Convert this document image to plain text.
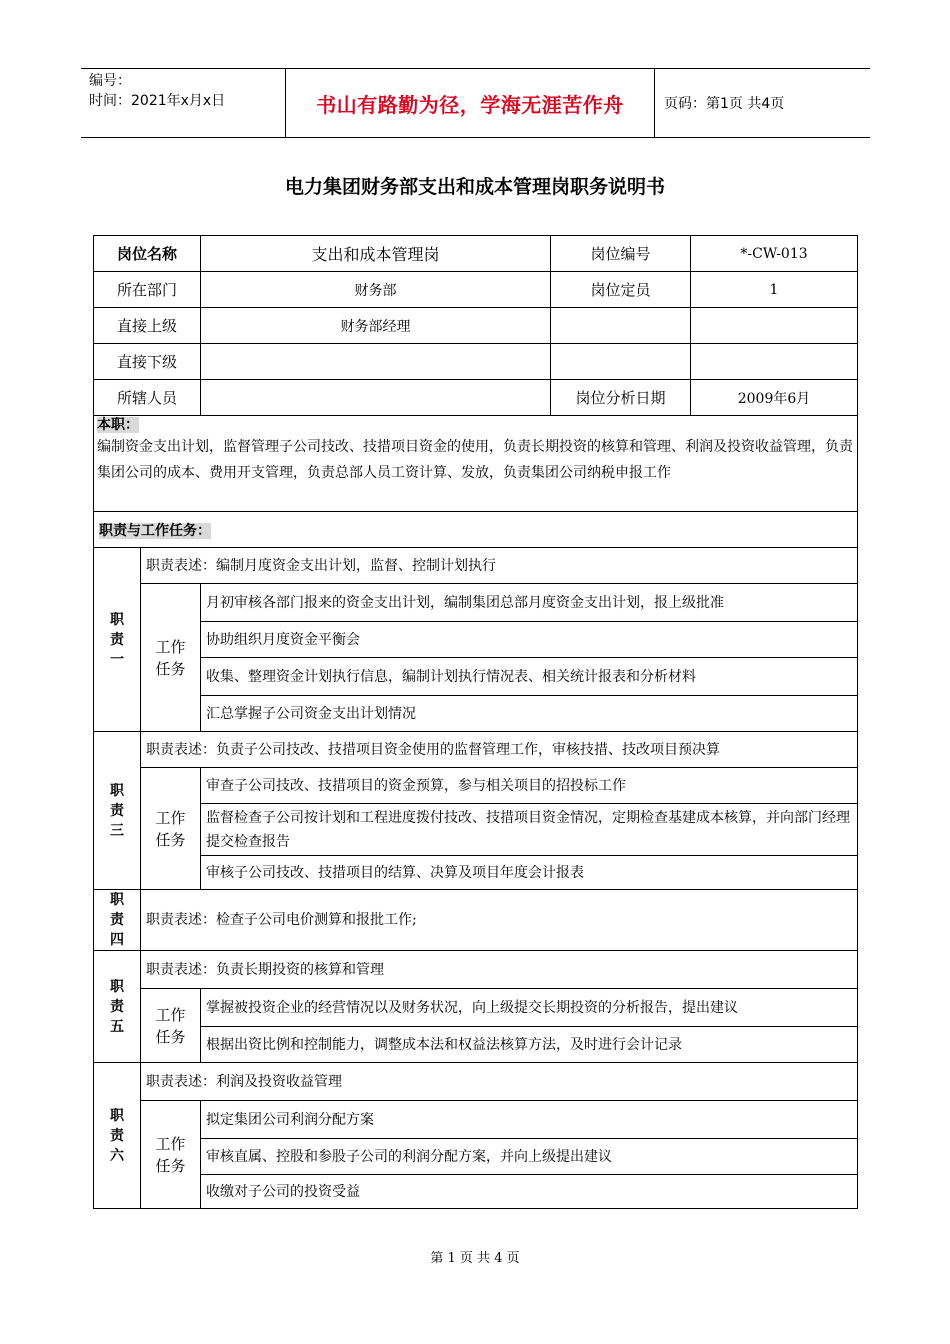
编号：
时间：2021年x月x日	书山有路勤为径，学海无涯苦作舟	页码：第1页 共4页
电力集团财务部支出和成本管理岗职务说明书
岗位名称		支出和成本管理岗	岗位编号	*-CW-013
所在部门		财务部	岗位定员	1
直接上级		财务部经理		
直接下级				
所辖人员			岗位分析日期	2009年6月

本职：
编制资金支出计划，监督管理子公司技改、技措项目资金的使用，负责长期投资的核算和管理、利润及投资收益管理，负责集团公司的成本、费用开支管理，负责总部人员工资计算、发放，负责集团公司纳税申报工作				

职责与工作任务：				
职
责
一	职责表述：编制月度资金支出计划，监督、控制计划执行			
	工作
任务	月初审核各部门报来的资金支出计划，编制集团总部月度资金支出计划，报上级批准		
		协助组织月度资金平衡会		
		收集、整理资金计划执行信息，编制计划执行情况表、相关统计报表和分析材料		
		汇总掌握子公司资金支出计划情况		
职
责
三	职责表述：负责子公司技改、技措项目资金使用的监督管理工作，审核技措、技改项目预决算			
	工作
任务	审查子公司技改、技措项目的资金预算，参与相关项目的招投标工作		
		监督检查子公司按计划和工程进度拨付技改、技措项目资金情况，定期检查基建成本核算，并向部门经理提交检查报告		
		审核子公司技改、技措项目的结算、决算及项目年度会计报表		
职
责
四	职责表述：检查子公司电价测算和报批工作;			
职
责
五	职责表述：负责长期投资的核算和管理			
	工作
任务	掌握被投资企业的经营情况以及财务状况，向上级提交长期投资的分析报告，提出建议		
		根据出资比例和控制能力，调整成本法和权益法核算方法，及时进行会计记录		
职
责
六	职责表述：利润及投资收益管理			
	工作
任务	拟定集团公司利润分配方案		
		审核直属、控股和参股子公司的利润分配方案，并向上级提出建议		
		收缴对子公司的投资受益		
第 1 页 共 4 页
